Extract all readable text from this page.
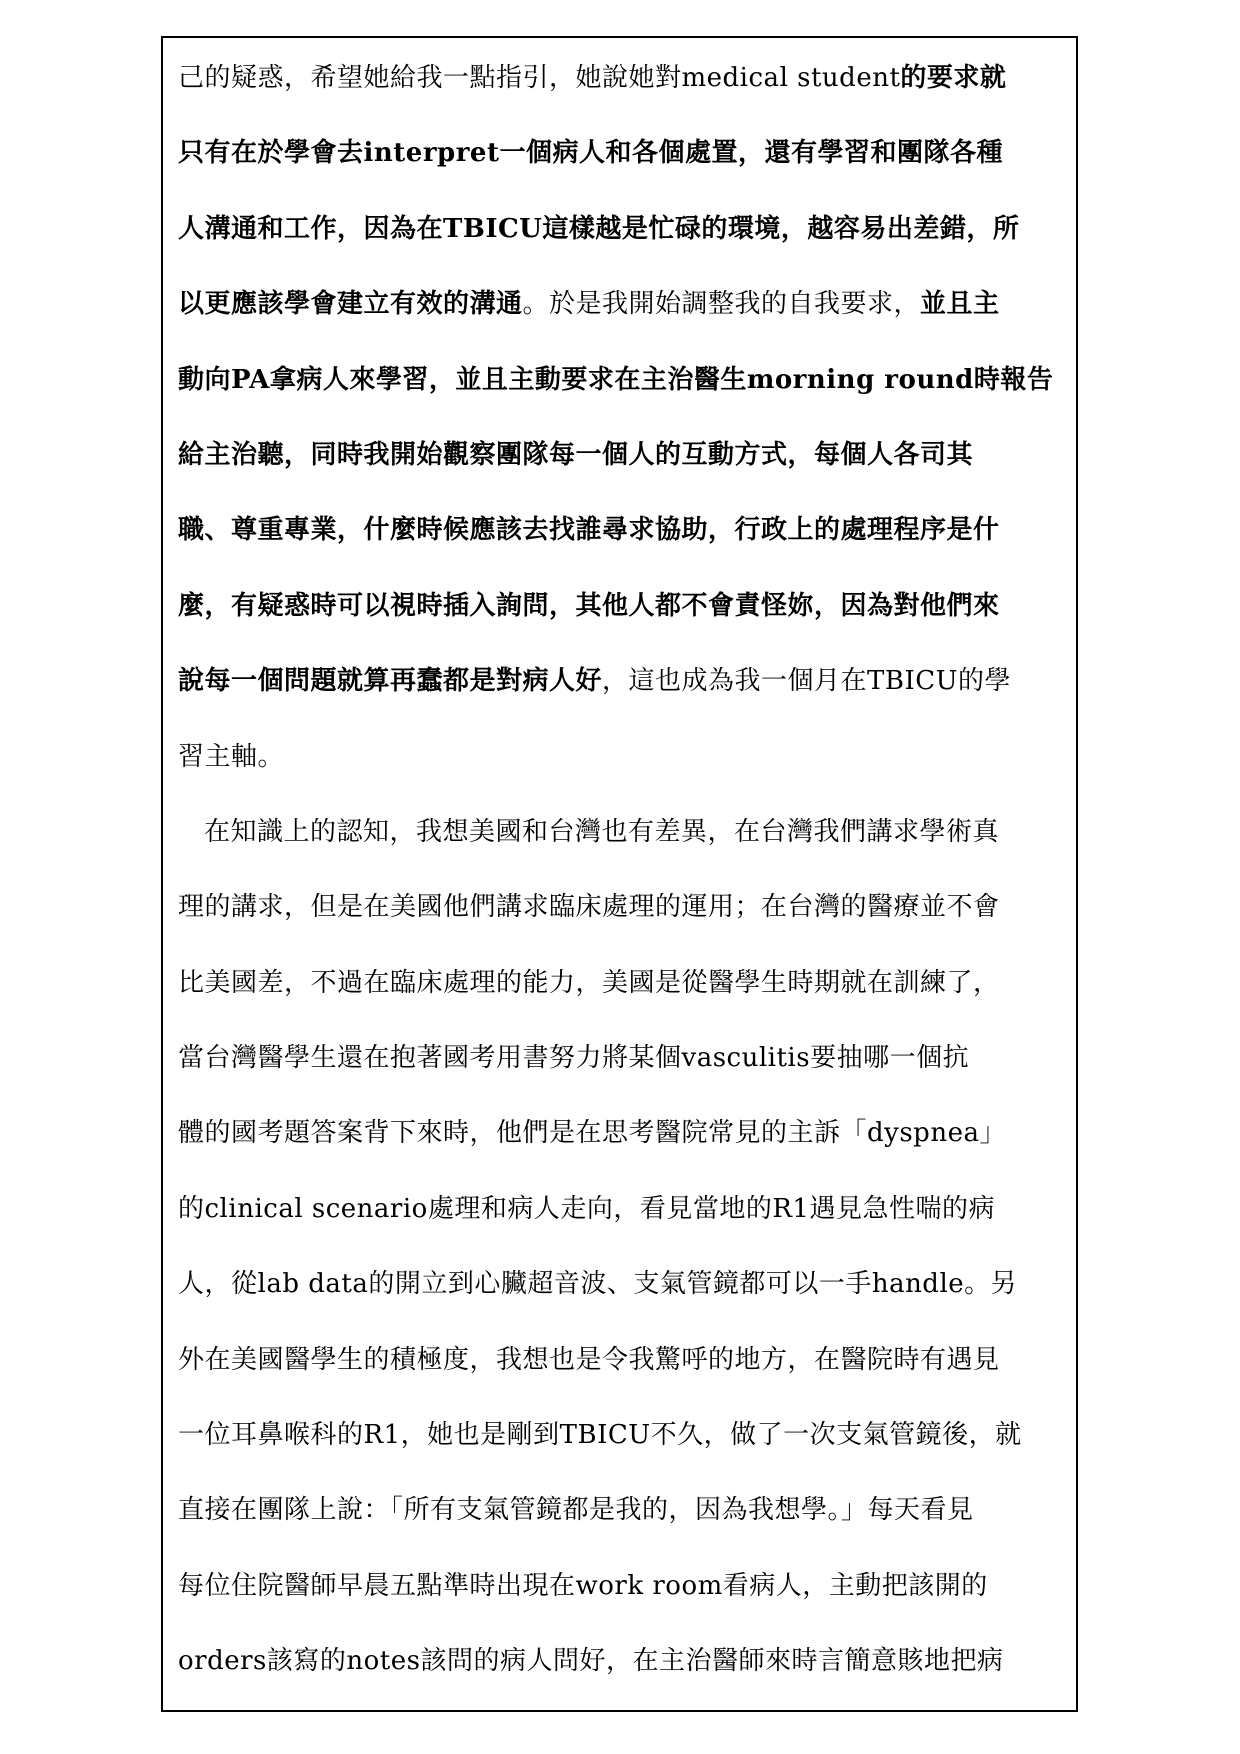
己的疑惑，希望她給我一點指引，她說她對medical student的要求就
只有在於學會去interpret一個病人和各個處置，還有學習和團隊各種
人溝通和工作，因為在TBICU這樣越是忙碌的環境，越容易出差錯，所
以更應該學會建立有效的溝通。於是我開始調整我的自我要求，並且主
動向PA拿病人來學習，並且主動要求在主治醫生morning round時報告
給主治聽，同時我開始觀察團隊每一個人的互動方式，每個人各司其
職、尊重專業，什麼時候應該去找誰尋求協助，行政上的處理程序是什
麼，有疑惑時可以視時插入詢問，其他人都不會責怪妳，因為對他們來
說每一個問題就算再蠢都是對病人好，這也成為我一個月在TBICU的學
習主軸。
在知識上的認知，我想美國和台灣也有差異，在台灣我們講求學術真
理的講求，但是在美國他們講求臨床處理的運用；在台灣的醫療並不會
比美國差，不過在臨床處理的能力，美國是從醫學生時期就在訓練了，
當台灣醫學生還在抱著國考用書努力將某個vasculitis要抽哪一個抗
體的國考題答案背下來時，他們是在思考醫院常見的主訴「dyspnea」
的clinical scenario處理和病人走向，看見當地的R1遇見急性喘的病
人，從lab data的開立到心臟超音波、支氣管鏡都可以一手handle。另
外在美國醫學生的積極度，我想也是令我驚呼的地方，在醫院時有遇見
一位耳鼻喉科的R1，她也是剛到TBICU不久，做了一次支氣管鏡後，就
直接在團隊上說：「所有支氣管鏡都是我的，因為我想學。」每天看見
每位住院醫師早晨五點準時出現在work room看病人，主動把該開的
orders該寫的notes該問的病人問好，在主治醫師來時言簡意賅地把病
